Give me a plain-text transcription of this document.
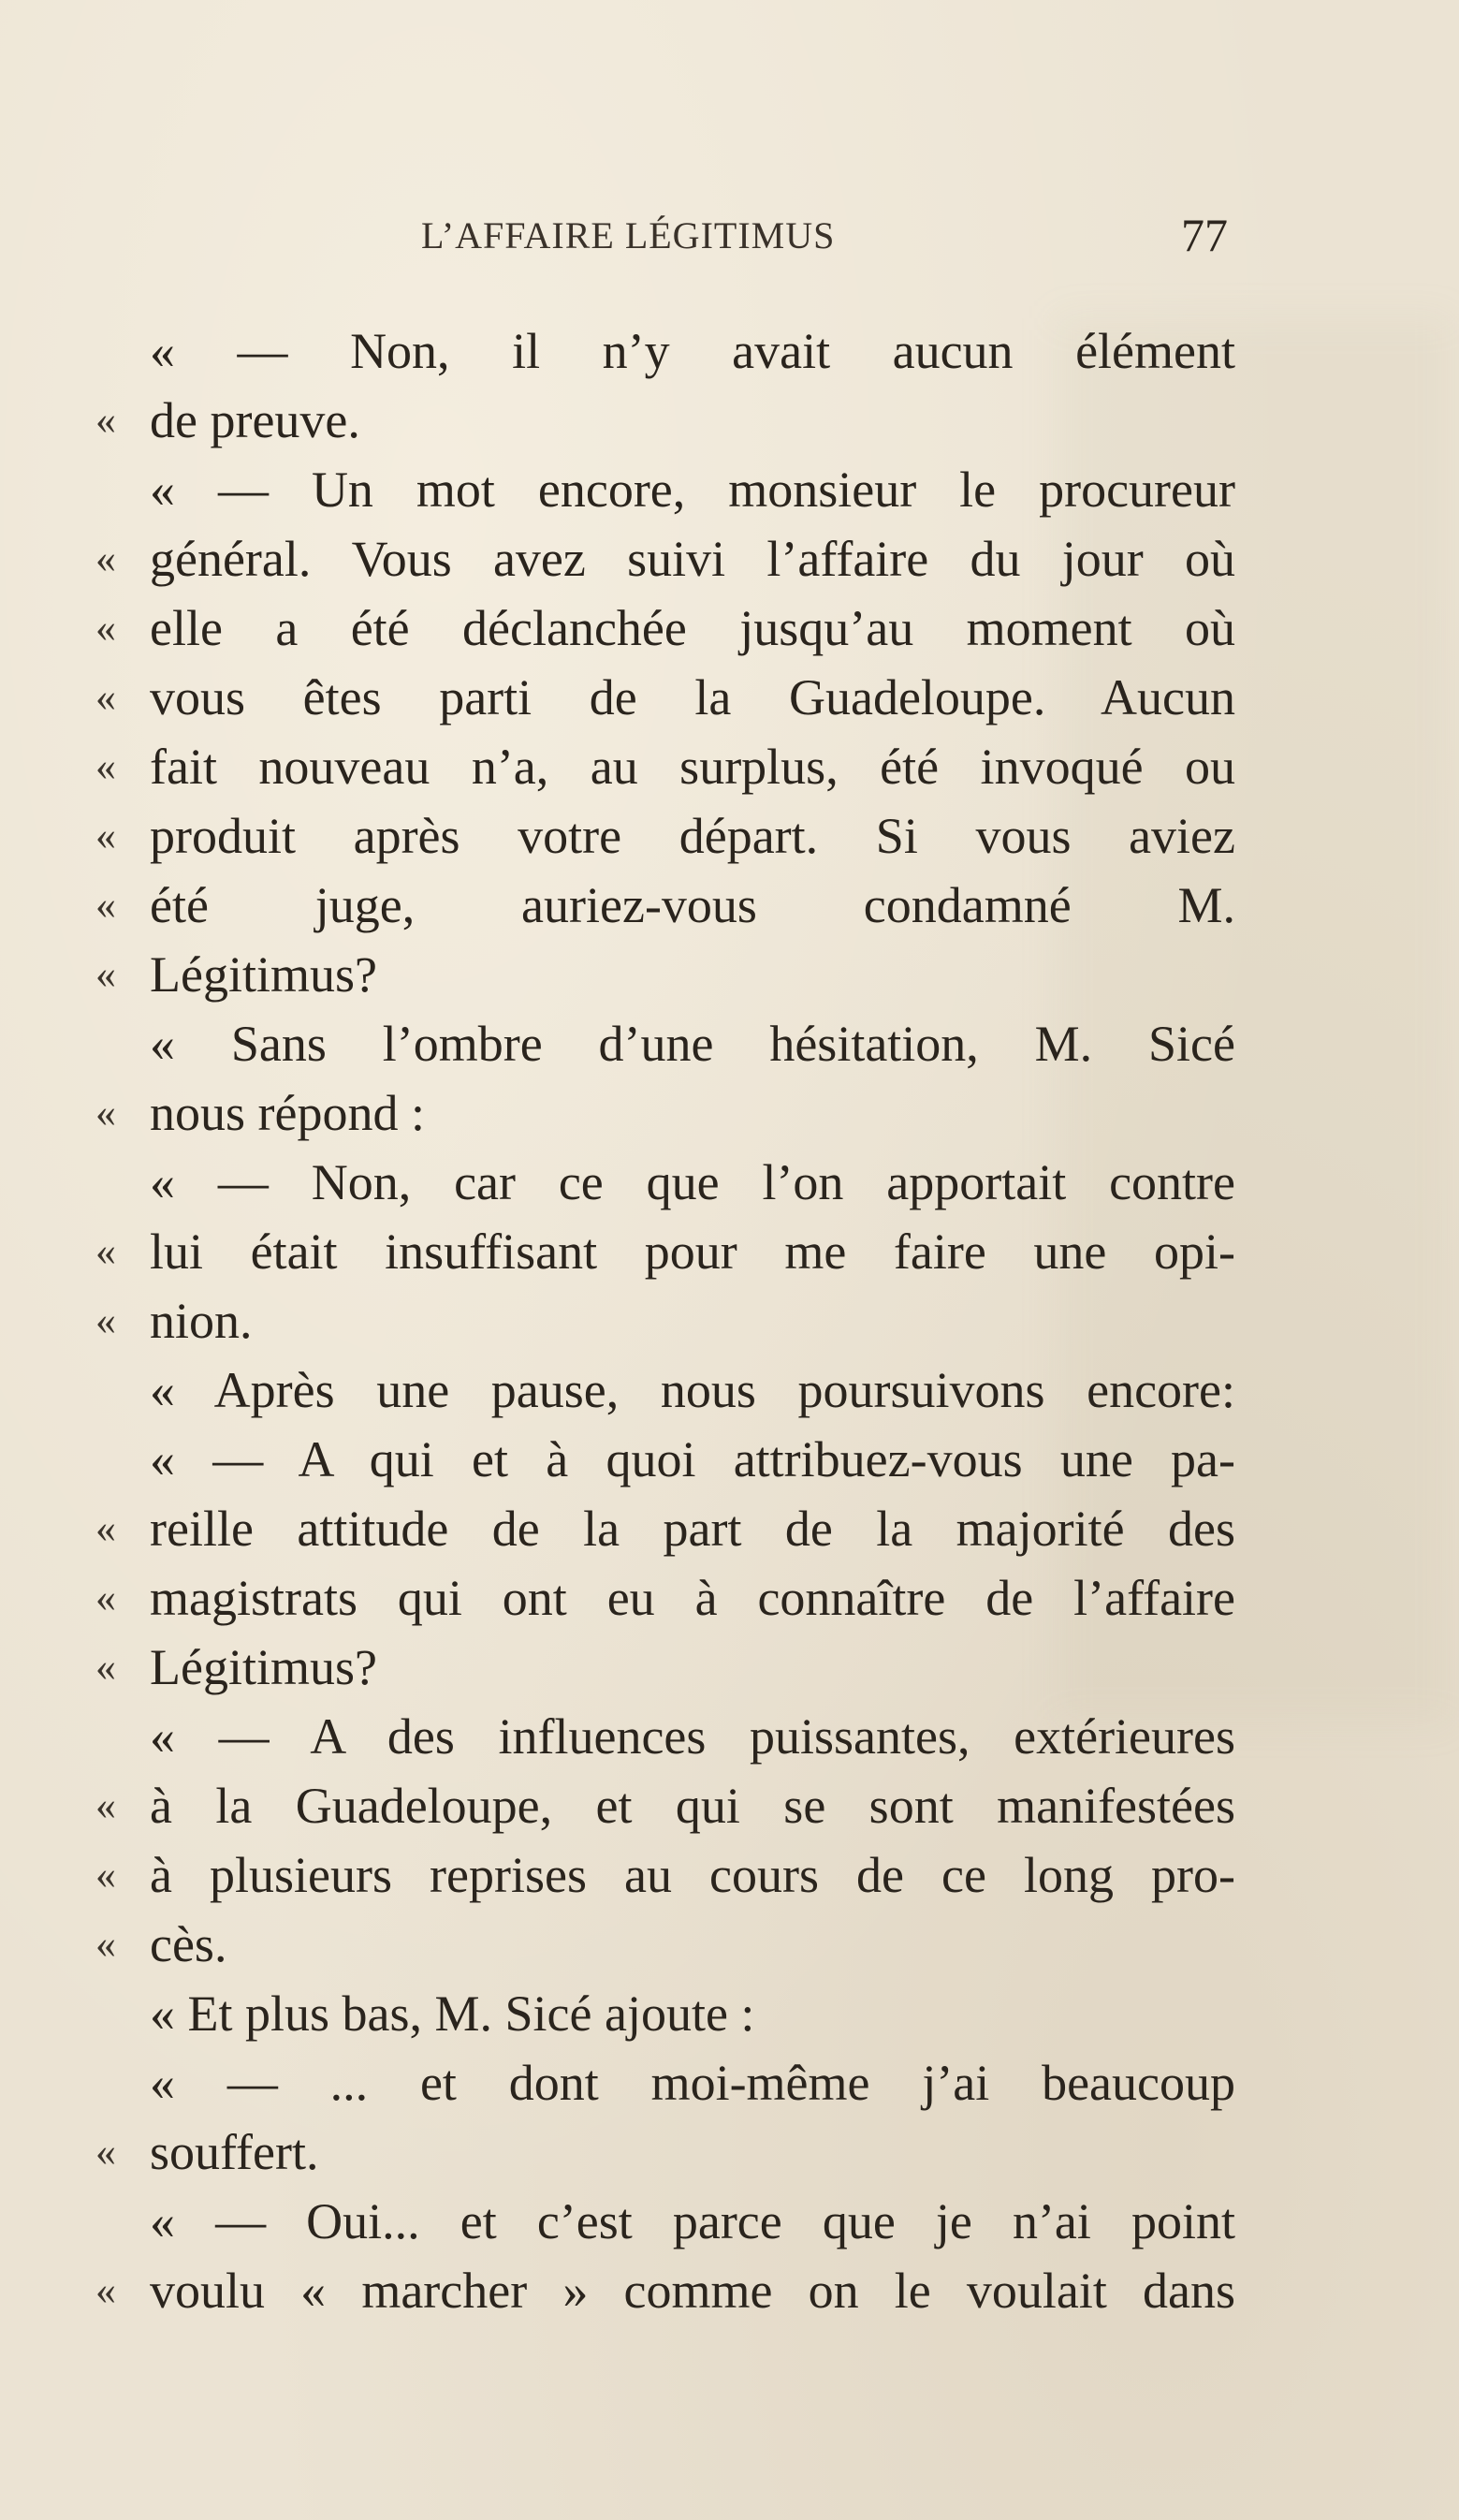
L’AFFAIRE LÉGITIMUS	77
« — Non, il n’y avait aucun élément
« de preuve.
« — Un mot encore, monsieur le procureur
« général. Vous avez suivi l’affaire du jour où
« elle a été déclanchée jusqu’au moment où
« vous êtes parti de la Guadeloupe. Aucun
« fait nouveau n’a, au surplus, été invoqué ou
« produit après votre départ. Si vous aviez
« été juge, auriez-vous condamné M.
« Légitimus?
« Sans l’ombre d’une hésitation, M. Sicé
« nous répond :
« — Non, car ce que l’on apportait contre
« lui était insuffisant pour me faire une opi-
« nion.
« Après une pause, nous poursuivons encore:
« — A qui et à quoi attribuez-vous une pa-
« reille attitude de la part de la majorité des
« magistrats qui ont eu à connaître de l’affaire
« Légitimus?
« — A des influences puissantes, extérieures
« à la Guadeloupe, et qui se sont manifestées
« à plusieurs reprises au cours de ce long pro-
« cès.
« Et plus bas, M. Sicé ajoute :
« — ... et dont moi-même j’ai beaucoup
« souffert.
« — Oui... et c’est parce que je n’ai point
« voulu « marcher » comme on le voulait dans
